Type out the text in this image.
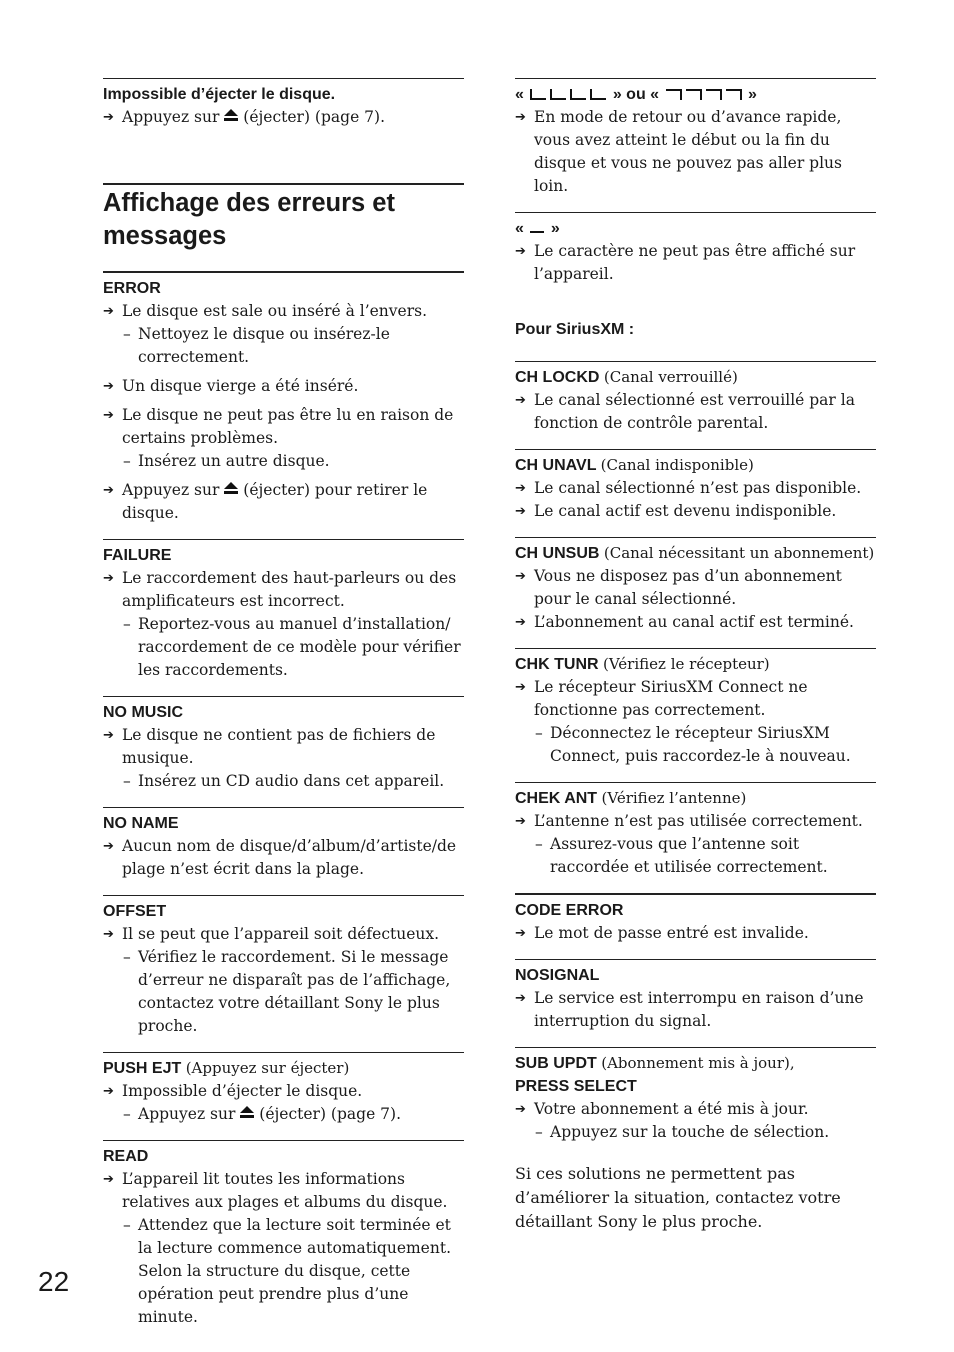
Impossible d’éjecter le disque.
➔ Appuyez sur (éjecter) (page 7).
Affichage des erreurs et messages
ERROR
➔ Le disque est sale ou inséré à l’envers.
– Nettoyez le disque ou insérez-le correctement.
➔ Un disque vierge a été inséré.
➔ Le disque ne peut pas être lu en raison de certains problèmes.
– Insérez un autre disque.
➔ Appuyez sur (éjecter) pour retirer le disque.
FAILURE
➔ Le raccordement des haut-parleurs ou des amplificateurs est incorrect.
– Reportez-vous au manuel d’installation/ raccordement de ce modèle pour vérifier les raccordements.
NO MUSIC
➔ Le disque ne contient pas de fichiers de musique.
– Insérez un CD audio dans cet appareil.
NO NAME
➔ Aucun nom de disque/d’album/d’artiste/de plage n’est écrit dans la plage.
OFFSET
➔ Il se peut que l’appareil soit défectueux.
– Vérifiez le raccordement. Si le message d’erreur ne disparaît pas de l’affichage, contactez votre détaillant Sony le plus proche.
PUSH EJT (Appuyez sur éjecter)
➔ Impossible d’éjecter le disque.
– Appuyez sur (éjecter) (page 7).
READ
➔ L’appareil lit toutes les informations relatives aux plages et albums du disque.
– Attendez que la lecture soit terminée et la lecture commence automatiquement. Selon la structure du disque, cette opération peut prendre plus d’une minute.
«	» ou «	»
➔ En mode de retour ou d’avance rapide, vous avez atteint le début ou la fin du disque et vous ne pouvez pas aller plus loin.
« »
➔ Le caractère ne peut pas être affiché sur l’appareil.
Pour SiriusXM :
CH LOCKD (Canal verrouillé)
➔ Le canal sélectionné est verrouillé par la fonction de contrôle parental.
CH UNAVL (Canal indisponible)
➔ Le canal sélectionné n’est pas disponible.
➔ Le canal actif est devenu indisponible.
CH UNSUB (Canal nécessitant un abonnement)
➔ Vous ne disposez pas d’un abonnement pour le canal sélectionné.
➔ L’abonnement au canal actif est terminé.
CHK TUNR (Vérifiez le récepteur)
➔ Le récepteur SiriusXM Connect ne fonctionne pas correctement.
– Déconnectez le récepteur SiriusXM Connect, puis raccordez-le à nouveau.
CHEK ANT (Vérifiez l’antenne)
➔ L’antenne n’est pas utilisée correctement.
– Assurez-vous que l’antenne soit raccordée et utilisée correctement.
CODE ERROR
➔ Le mot de passe entré est invalide.
NOSIGNAL
➔ Le service est interrompu en raison d’une interruption du signal.
SUB UPDT (Abonnement mis à jour),
PRESS SELECT
➔ Votre abonnement a été mis à jour.
– Appuyez sur la touche de sélection.
Si ces solutions ne permettent pas d’améliorer la situation, contactez votre détaillant Sony le plus proche.
22
